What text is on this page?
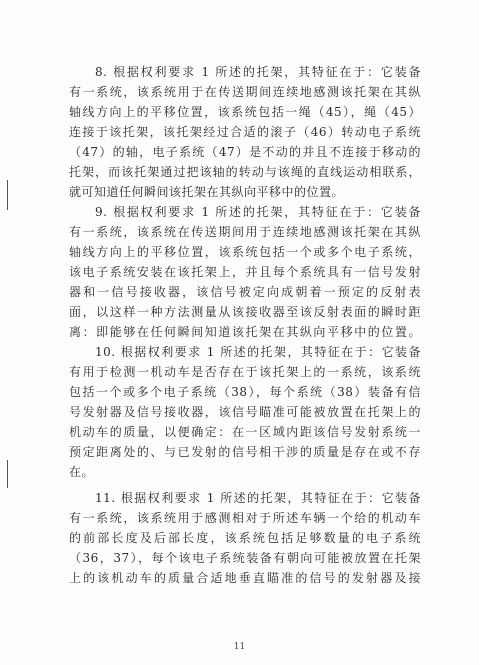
8. 根据权利要求 1 所述的托架，其特征在于：它装备
有一系统，该系统用于在传送期间连续地感测该托架在其纵
轴线方向上的平移位置，该系统包括一绳（45），绳（45）
连接于该托架，该托架经过合适的滚子（46）转动电子系统
（47）的轴，电子系统（47）是不动的并且不连接于移动的
托架，而该托架通过把该轴的转动与该绳的直线运动相联系，
就可知道任何瞬间该托架在其纵向平移中的位置。
9. 根据权利要求 1 所述的托架，其特征在于：它装备
有一系统，该系统在传送期间用于连续地感测该托架在其纵
轴线方向上的平移位置，该系统包括一个或多个电子系统，
该电子系统安装在该托架上，并且每个系统具有一信号发射
器和一信号接收器，该信号被定向成朝着一预定的反射表
面，以这样一种方法测量从该接收器至该反射表面的瞬时距
离：即能够在任何瞬间知道该托架在其纵向平移中的位置。
10. 根据权利要求 1 所述的托架，其特征在于：它装备
有用于检测一机动车是否存在于该托架上的一系统，该系统
包括一个或多个电子系统（38），每个系统（38）装备有信
号发射器及信号接收器，该信号瞄准可能被放置在托架上的
机动车的质量，以便确定：在一区域内距该信号发射系统一
预定距离处的、与已发射的信号相干涉的质量是存在或不存
在。
11. 根据权利要求 1 所述的托架，其特征在于：它装备
有一系统，该系统用于感测相对于所述车辆一个给的机动车
的前部长度及后部长度，该系统包括足够数量的电子系统
（36，37），每个该电子系统装备有朝向可能被放置在托架
上的该机动车的质量合适地垂直瞄准的信号的发射器及接
11
